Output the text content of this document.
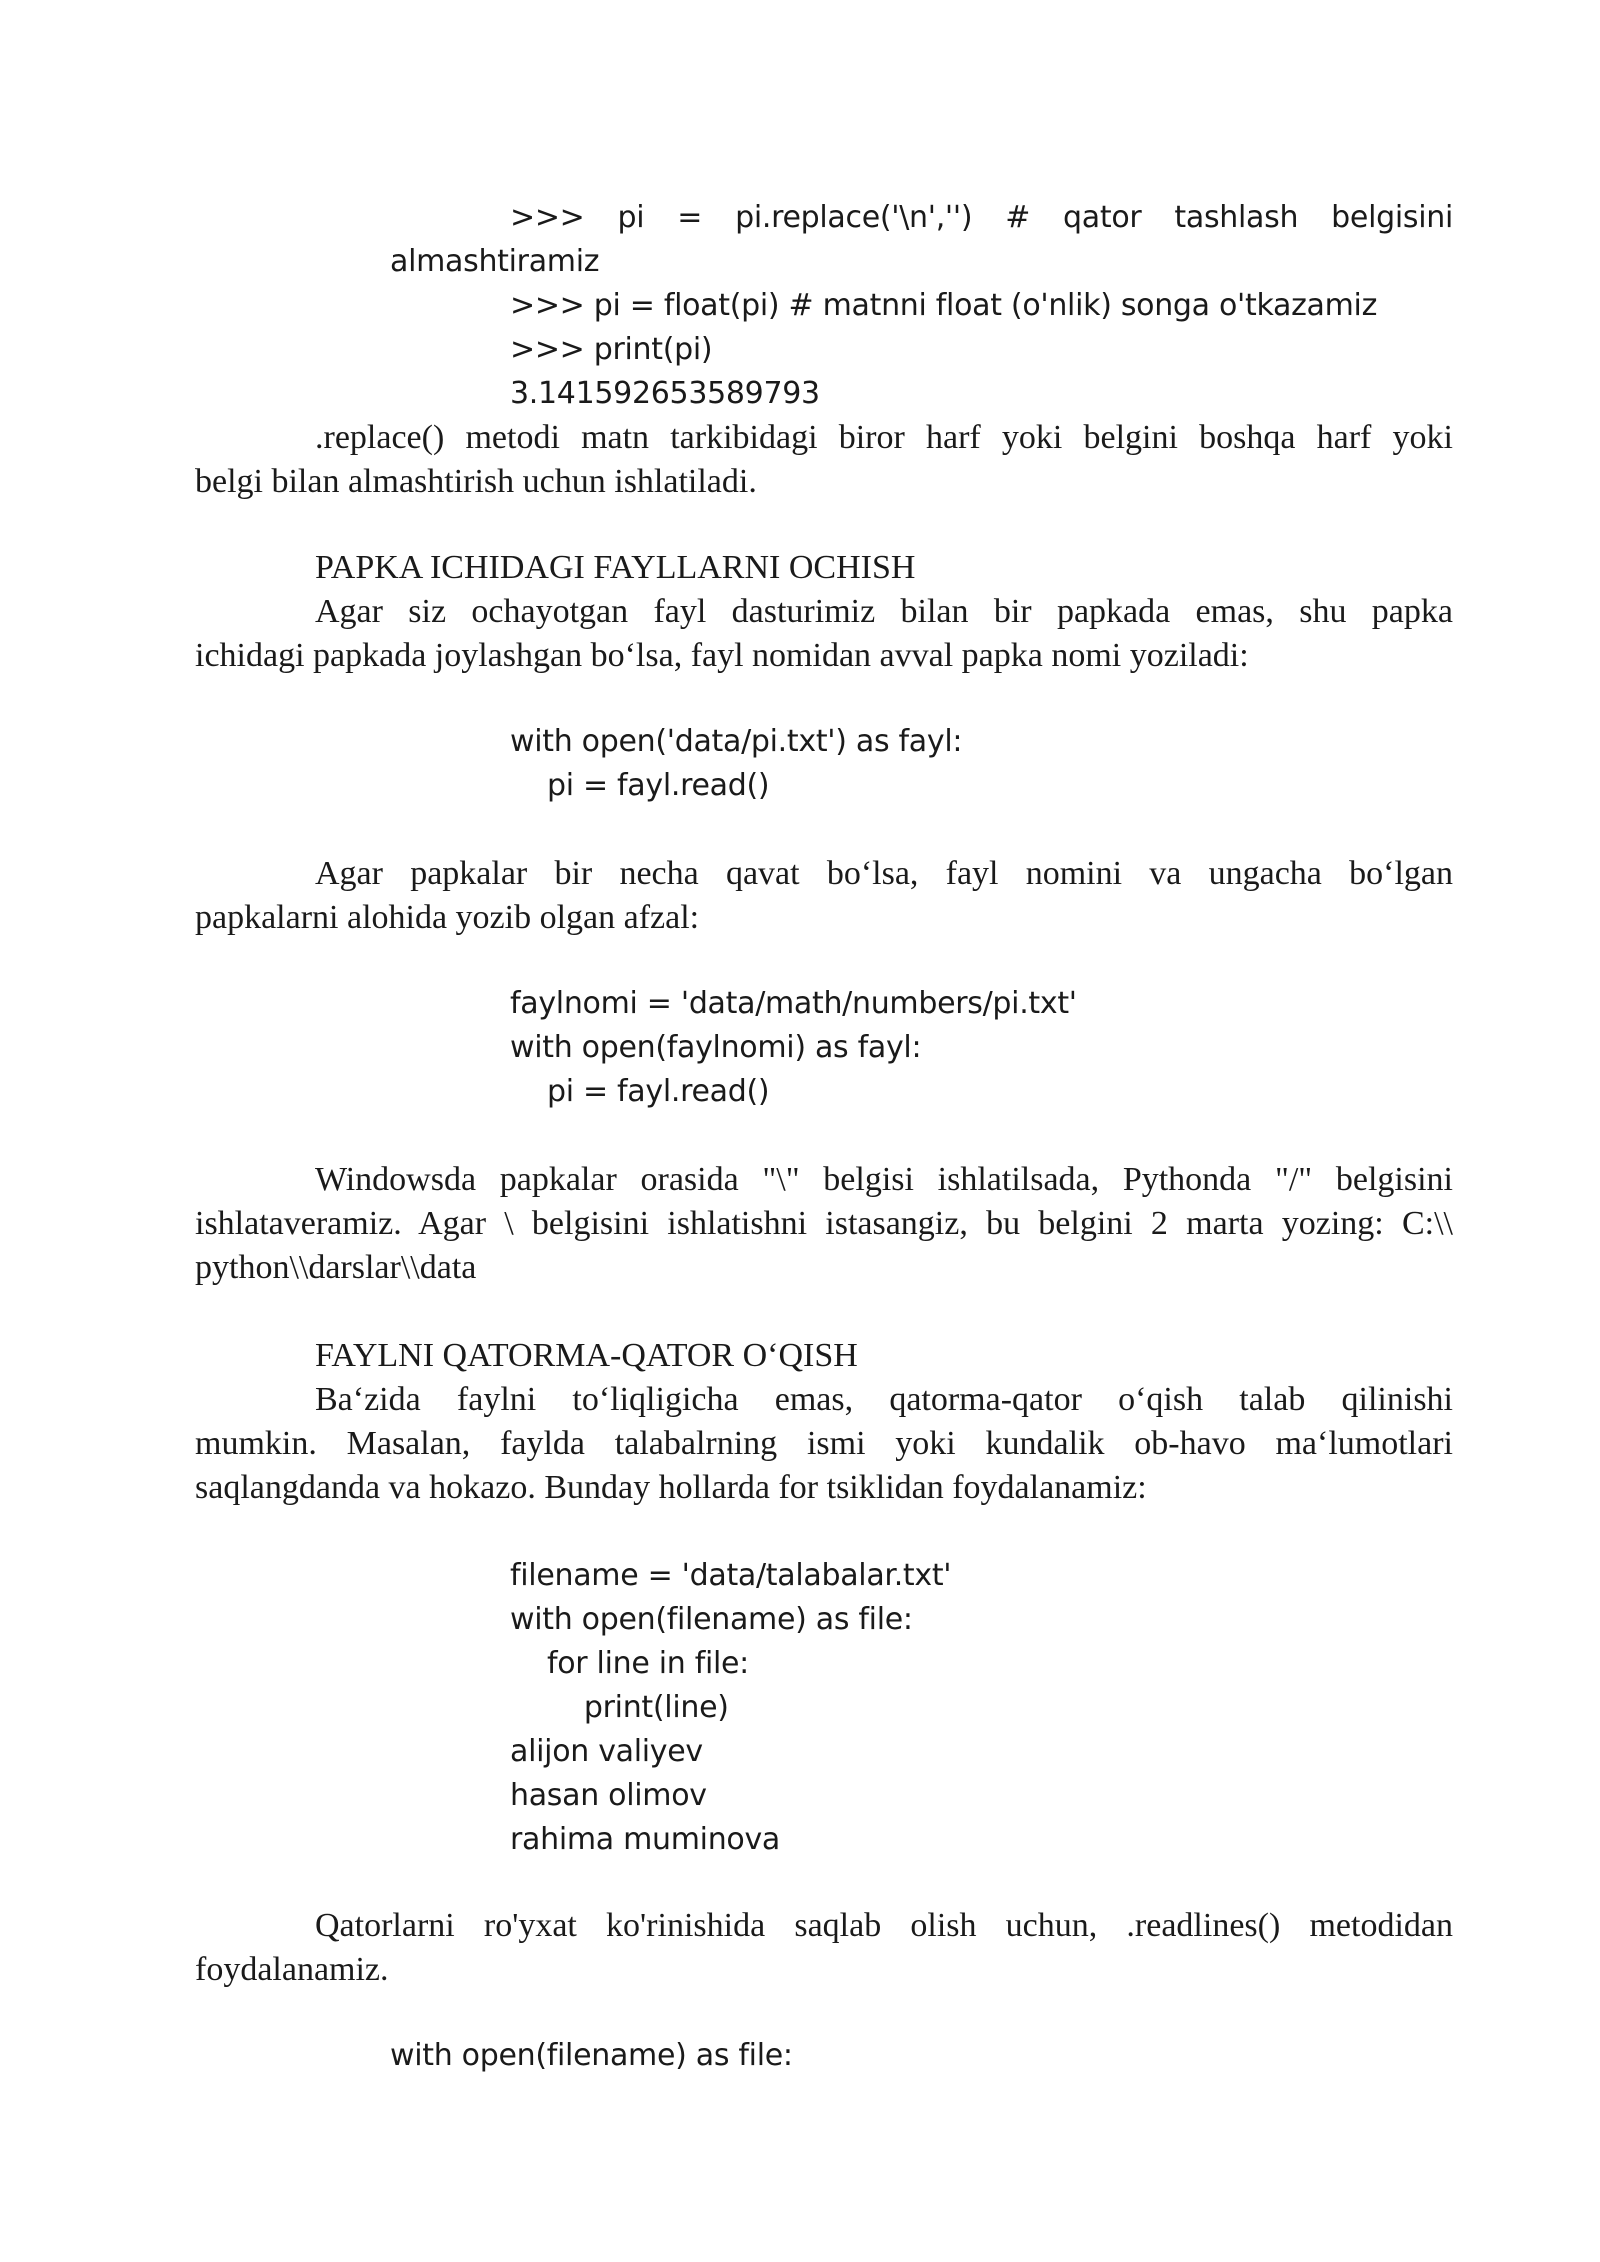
>>> pi = pi.replace('\n','') # qator tashlash belgisini
almashtiramiz
>>> pi = float(pi) # matnni float (o'nlik) songa o'tkazamiz
>>> print(pi)
3.141592653589793
.replace() metodi matn tarkibidagi biror harf yoki belgini boshqa harf yoki
belgi bilan almashtirish uchun ishlatiladi.
PAPKA ICHIDAGI FAYLLARNI OCHISH
Agar siz ochayotgan fayl dasturimiz bilan bir papkada emas, shu papka
ichidagi papkada joylashgan bo‘lsa, fayl nomidan avval papka nomi yoziladi:
with open('data/pi.txt') as fayl:
pi = fayl.read()
Agar papkalar bir necha qavat bo‘lsa, fayl nomini va ungacha bo‘lgan
papkalarni alohida yozib olgan afzal:
faylnomi = 'data/math/numbers/pi.txt'
with open(faylnomi) as fayl:
pi = fayl.read()
Windowsda papkalar orasida "\" belgisi ishlatilsada, Pythonda "/" belgisini
ishlataveramiz. Agar \ belgisini ishlatishni istasangiz, bu belgini 2 marta yozing: C:\\
python\\darslar\\data
FAYLNI QATORMA-QATOR O‘QISH
Ba‘zida faylni to‘liqligicha emas, qatorma-qator o‘qish talab qilinishi
mumkin. Masalan, faylda talabalrning ismi yoki kundalik ob-havo ma‘lumotlari
saqlangdanda va hokazo. Bunday hollarda for tsiklidan foydalanamiz:
filename = 'data/talabalar.txt'
with open(filename) as file:
for line in file:
print(line)
alijon valiyev
hasan olimov
rahima muminova
Qatorlarni ro'yxat ko'rinishida saqlab olish uchun, .readlines() metodidan
foydalanamiz.
with open(filename) as file:
